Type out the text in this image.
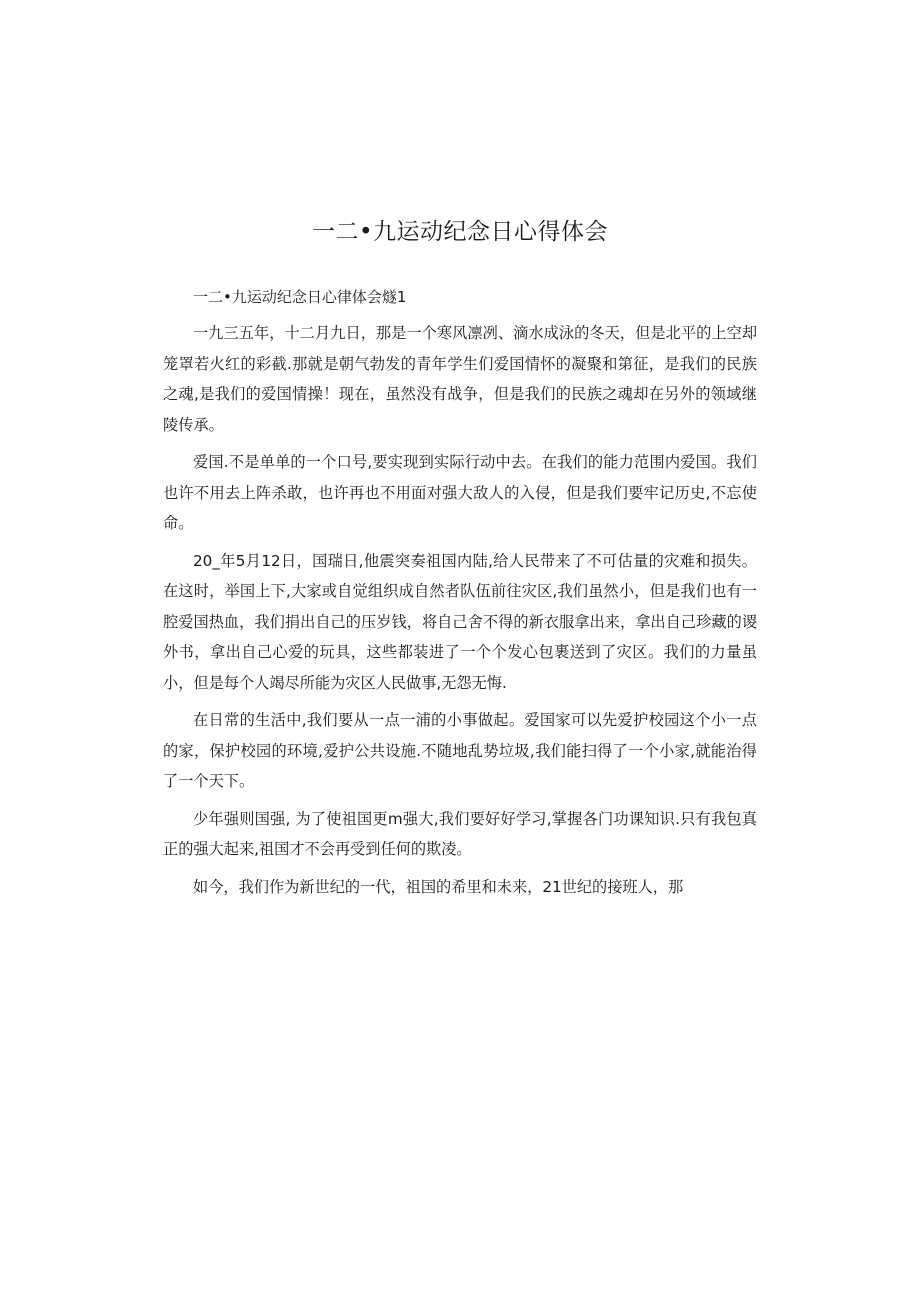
一二•九运动纪念日心得体会

一二•九运动纪念日心律体会燧1

一九三五年，十二月九日，那是一个寒风凛冽、滴水成泳的冬天，但是北平的上空却笼罩若火红的彩截.那就是朝气勃发的青年学生们爱国情怀的凝聚和第征，是我们的民族之魂,是我们的爱国情操！现在，虽然没有战争，但是我们的民族之魂却在另外的领域继陵传承。

爱国.不是单单的一个口号,要实现到实际行动中去。在我们的能力范围内爱国。我们也许不用去上阵杀敢，也许再也不用面对强大敌人的入侵，但是我们要牢记历史,不忘使命。

20_年5月12日，国瑞日,他震突奏祖国内陆,给人民带来了不可估量的灾难和损失。在这时，举国上下,大家或自觉组织成自然者队伍前往灾区,我们虽然小，但是我们也有一腔爱国热血，我们捐出自己的压岁钱，将自己舍不得的新衣服拿出来，拿出自己珍藏的谡外书，拿出自己心爱的玩具，这些都装进了一个个发心包裹送到了灾区。我们的力量虽小，但是每个人竭尽所能为灾区人民做事,无怨无悔.

在日常的生活中,我们要从一点一浦的小事做起。爱国家可以先爱护校园这个小一点的家，保护校园的环境,爱护公共设施.不随地乱势垃圾,我们能扫得了一个小家,就能治得了一个天下。

少年强则国强, 为了使祖国更m强大,我们要好好学习,掌握各门功课知识.只有我包真正的强大起来,祖国才不会再受到任何的欺凌。

如今，我们作为新世纪的一代，祖国的希里和未来，21世纪的接班人，那
